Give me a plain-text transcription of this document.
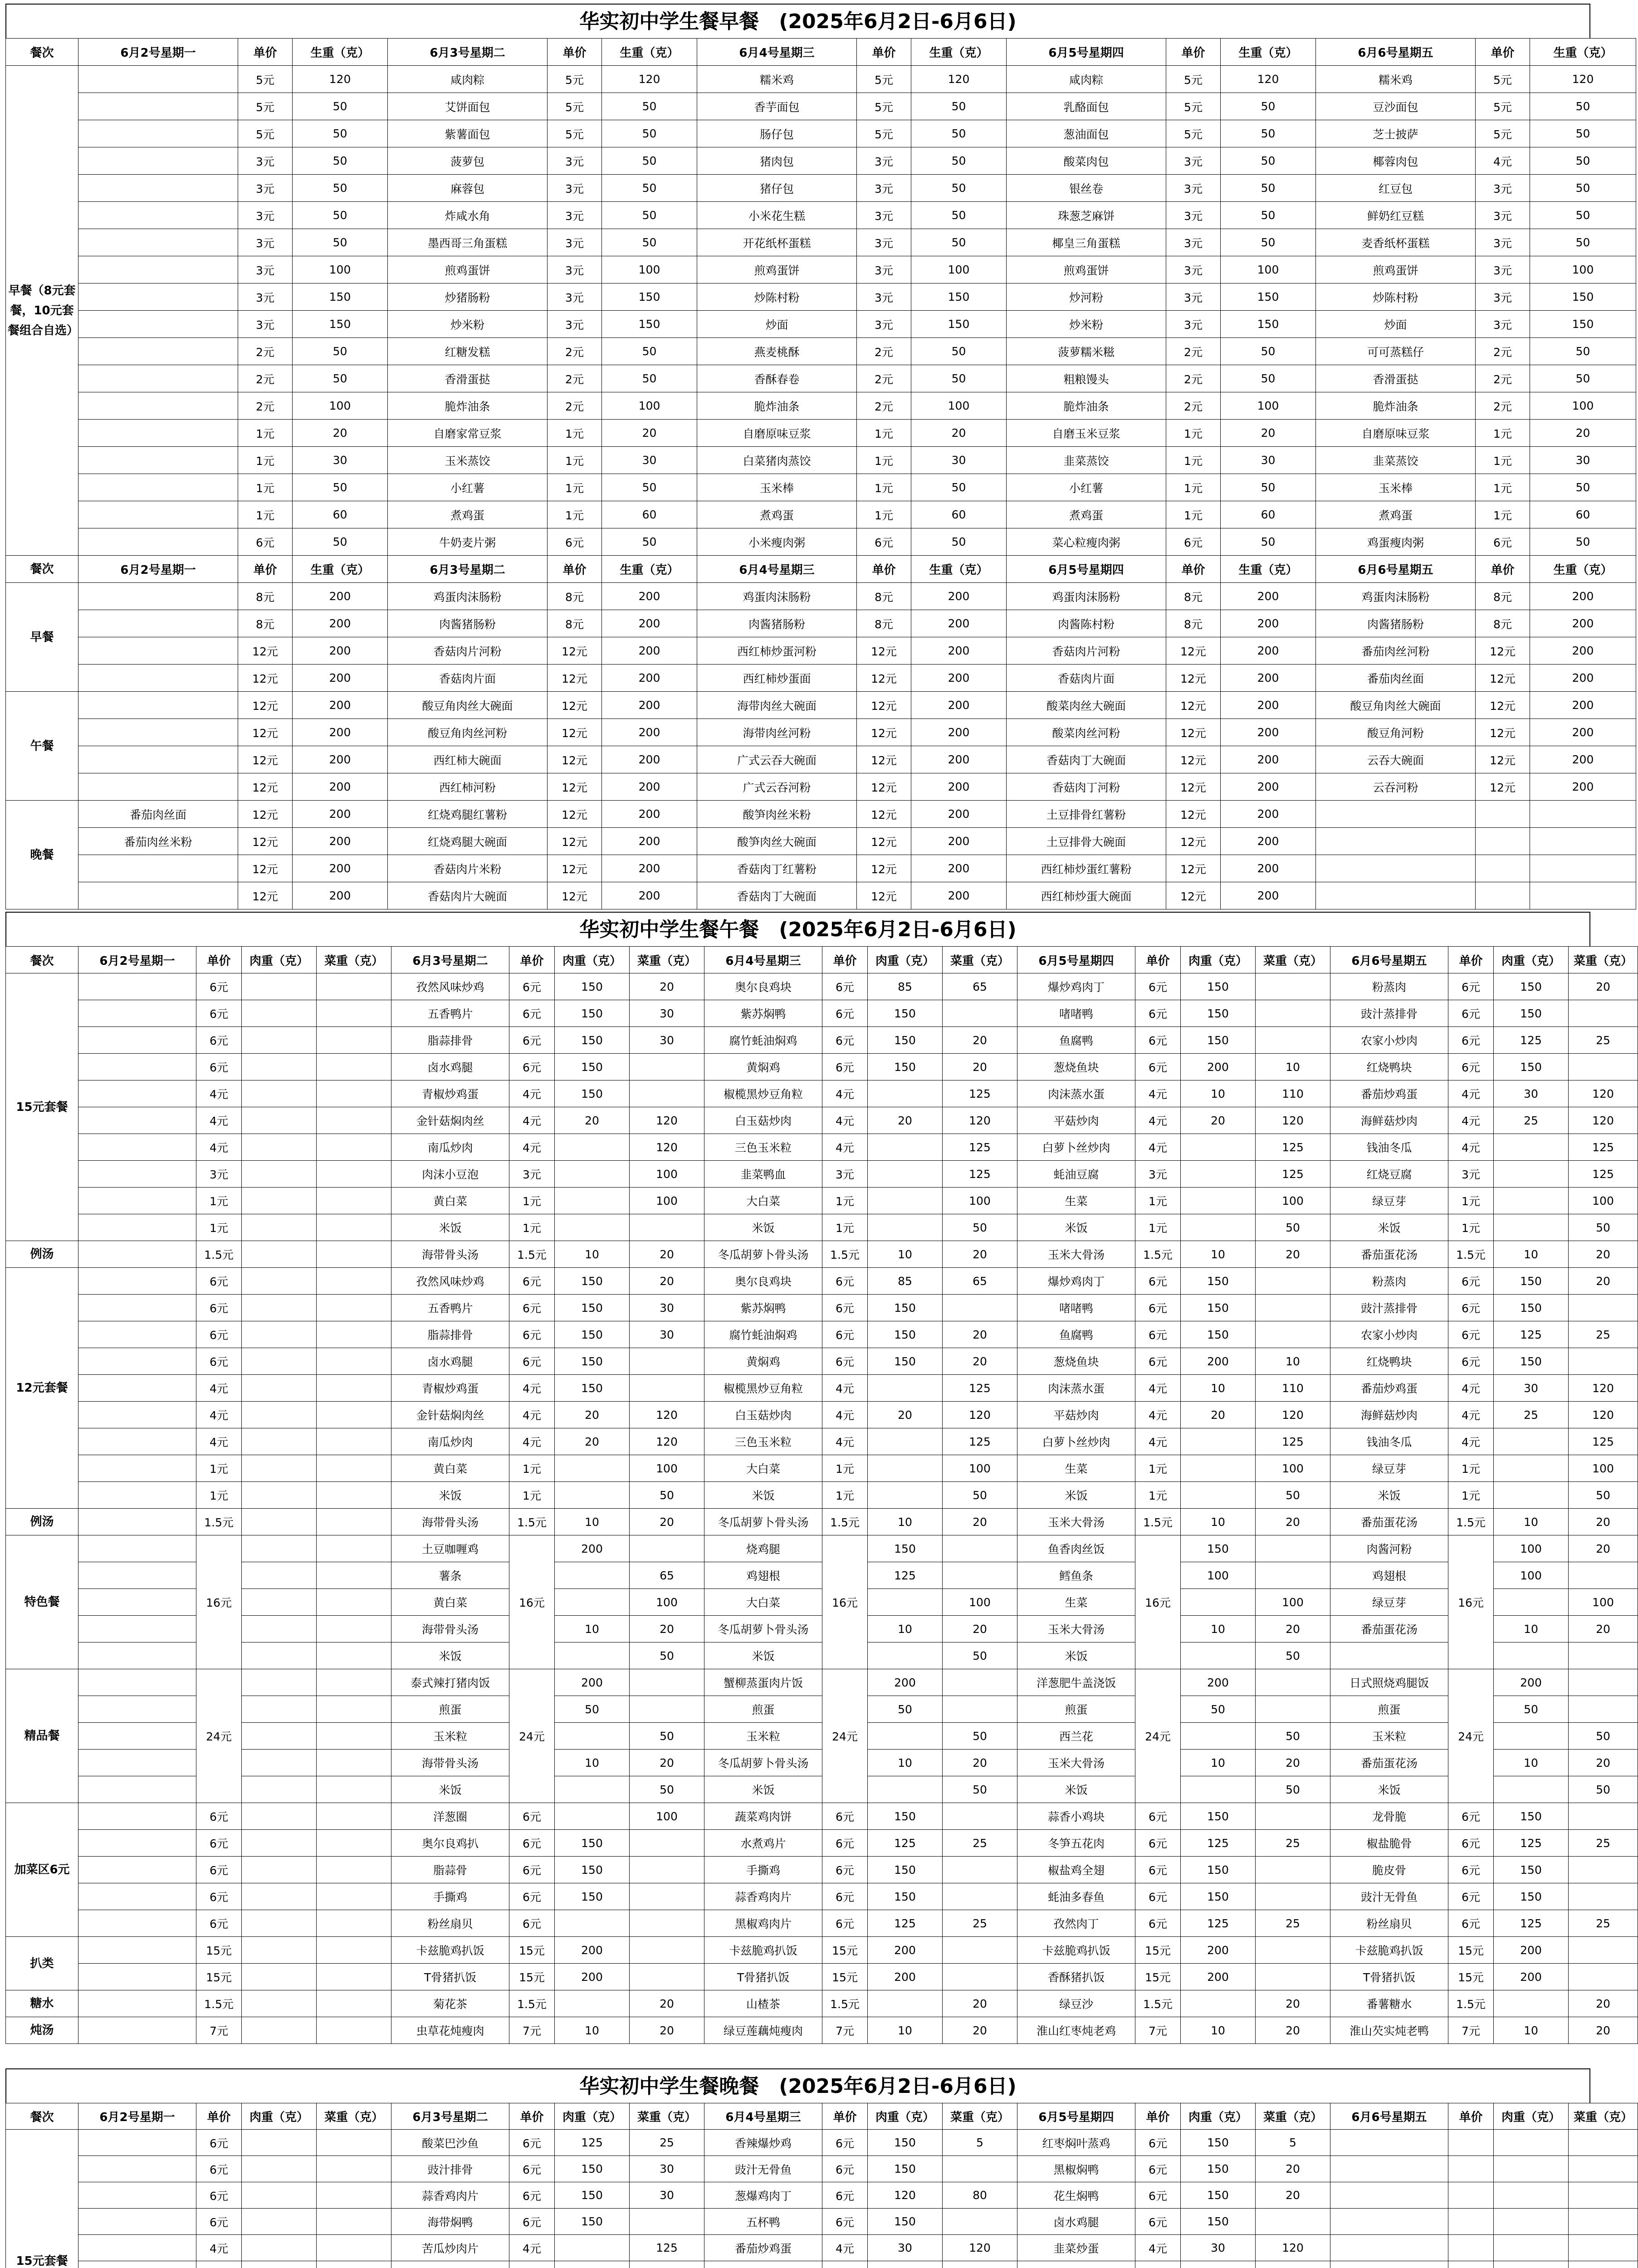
华实初中学生餐早餐　(2025年6月2日-6月6日)
餐次	6月2号星期一	单价	生重（克）	6月3号星期二	单价	生重（克）	6月4号星期三	单价	生重（克）	6月5号星期四	单价	生重（克）	6月6号星期五	单价	生重（克）
早餐（8元套餐，10元套餐组合自选）		5元	120	咸肉粽	5元	120	糯米鸡	5元	120	咸肉粽	5元	120	糯米鸡	5元	120
		5元	50	艾饼面包	5元	50	香芋面包	5元	50	乳酪面包	5元	50	豆沙面包	5元	50
		5元	50	紫薯面包	5元	50	肠仔包	5元	50	葱油面包	5元	50	芝士披萨	5元	50
		3元	50	菠萝包	3元	50	猪肉包	3元	50	酸菜肉包	3元	50	椰蓉肉包	4元	50
		3元	50	麻蓉包	3元	50	猪仔包	3元	50	银丝卷	3元	50	红豆包	3元	50
		3元	50	炸咸水角	3元	50	小米花生糕	3元	50	珠葱芝麻饼	3元	50	鲜奶红豆糕	3元	50
		3元	50	墨西哥三角蛋糕	3元	50	开花纸杯蛋糕	3元	50	椰皇三角蛋糕	3元	50	麦香纸杯蛋糕	3元	50
		3元	100	煎鸡蛋饼	3元	100	煎鸡蛋饼	3元	100	煎鸡蛋饼	3元	100	煎鸡蛋饼	3元	100
		3元	150	炒猪肠粉	3元	150	炒陈村粉	3元	150	炒河粉	3元	150	炒陈村粉	3元	150
		3元	150	炒米粉	3元	150	炒面	3元	150	炒米粉	3元	150	炒面	3元	150
		2元	50	红糖发糕	2元	50	燕麦桃酥	2元	50	菠萝糯米糍	2元	50	可可蒸糕仔	2元	50
		2元	50	香滑蛋挞	2元	50	香酥春卷	2元	50	粗粮馒头	2元	50	香滑蛋挞	2元	50
		2元	100	脆炸油条	2元	100	脆炸油条	2元	100	脆炸油条	2元	100	脆炸油条	2元	100
		1元	20	自磨家常豆浆	1元	20	自磨原味豆浆	1元	20	自磨玉米豆浆	1元	20	自磨原味豆浆	1元	20
		1元	30	玉米蒸饺	1元	30	白菜猪肉蒸饺	1元	30	韭菜蒸饺	1元	30	韭菜蒸饺	1元	30
		1元	50	小红薯	1元	50	玉米棒	1元	50	小红薯	1元	50	玉米棒	1元	50
		1元	60	煮鸡蛋	1元	60	煮鸡蛋	1元	60	煮鸡蛋	1元	60	煮鸡蛋	1元	60
		6元	50	牛奶麦片粥	6元	50	小米瘦肉粥	6元	50	菜心粒瘦肉粥	6元	50	鸡蛋瘦肉粥	6元	50
餐次	6月2号星期一	单价	生重（克）	6月3号星期二	单价	生重（克）	6月4号星期三	单价	生重（克）	6月5号星期四	单价	生重（克）	6月6号星期五	单价	生重（克）
早餐		8元	200	鸡蛋肉沫肠粉	8元	200	鸡蛋肉沫肠粉	8元	200	鸡蛋肉沫肠粉	8元	200	鸡蛋肉沫肠粉	8元	200
		8元	200	肉酱猪肠粉	8元	200	肉酱猪肠粉	8元	200	肉酱陈村粉	8元	200	肉酱猪肠粉	8元	200
		12元	200	香菇肉片河粉	12元	200	西红柿炒蛋河粉	12元	200	香菇肉片河粉	12元	200	番茄肉丝河粉	12元	200
		12元	200	香菇肉片面	12元	200	西红柿炒蛋面	12元	200	香菇肉片面	12元	200	番茄肉丝面	12元	200
午餐		12元	200	酸豆角肉丝大碗面	12元	200	海带肉丝大碗面	12元	200	酸菜肉丝大碗面	12元	200	酸豆角肉丝大碗面	12元	200
		12元	200	酸豆角肉丝河粉	12元	200	海带肉丝河粉	12元	200	酸菜肉丝河粉	12元	200	酸豆角河粉	12元	200
		12元	200	西红柿大碗面	12元	200	广式云吞大碗面	12元	200	香菇肉丁大碗面	12元	200	云吞大碗面	12元	200
		12元	200	西红柿河粉	12元	200	广式云吞河粉	12元	200	香菇肉丁河粉	12元	200	云吞河粉	12元	200
晚餐	番茄肉丝面	12元	200	红烧鸡腿红薯粉	12元	200	酸笋肉丝米粉	12元	200	土豆排骨红薯粉	12元	200			
	番茄肉丝米粉	12元	200	红烧鸡腿大碗面	12元	200	酸笋肉丝大碗面	12元	200	土豆排骨大碗面	12元	200			
		12元	200	香菇肉片米粉	12元	200	香菇肉丁红薯粉	12元	200	西红柿炒蛋红薯粉	12元	200			
		12元	200	香菇肉片大碗面	12元	200	香菇肉丁大碗面	12元	200	西红柿炒蛋大碗面	12元	200			
华实初中学生餐午餐　(2025年6月2日-6月6日)
餐次	6月2号星期一	单价	肉重（克）	菜重（克）	6月3号星期二	单价	肉重（克）	菜重（克）	6月4号星期三	单价	肉重（克）	菜重（克）	6月5号星期四	单价	肉重（克）	菜重（克）	6月6号星期五	单价	肉重（克）	菜重（克）
15元套餐		6元			孜然风味炒鸡	6元	150	20	奥尔良鸡块	6元	85	65	爆炒鸡肉丁	6元	150		粉蒸肉	6元	150	20
		6元			五香鸭片	6元	150	30	紫苏焖鸭	6元	150		啫啫鸭	6元	150		豉汁蒸排骨	6元	150	
		6元			脂蒜排骨	6元	150	30	腐竹蚝油焖鸡	6元	150	20	鱼腐鸭	6元	150		农家小炒肉	6元	125	25
		6元			卤水鸡腿	6元	150		黄焖鸡	6元	150	20	葱烧鱼块	6元	200	10	红烧鸭块	6元	150	
		4元			青椒炒鸡蛋	4元	150		椒榄黑炒豆角粒	4元		125	肉沫蒸水蛋	4元	10	110	番茄炒鸡蛋	4元	30	120
		4元			金针菇焖肉丝	4元	20	120	白玉菇炒肉	4元	20	120	平菇炒肉	4元	20	120	海鲜菇炒肉	4元	25	120
		4元			南瓜炒肉	4元		120	三色玉米粒	4元		125	白萝卜丝炒肉	4元		125	钱油冬瓜	4元		125
		3元			肉沫小豆泡	3元		100	韭菜鸭血	3元		125	蚝油豆腐	3元		125	红烧豆腐	3元		125
		1元			黄白菜	1元		100	大白菜	1元		100	生菜	1元		100	绿豆芽	1元		100
		1元			米饭	1元			米饭	1元		50	米饭	1元		50	米饭	1元		50
例汤		1.5元			海带骨头汤	1.5元	10	20	冬瓜胡萝卜骨头汤	1.5元	10	20	玉米大骨汤	1.5元	10	20	番茄蛋花汤	1.5元	10	20
12元套餐		6元			孜然风味炒鸡	6元	150	20	奥尔良鸡块	6元	85	65	爆炒鸡肉丁	6元	150		粉蒸肉	6元	150	20
		6元			五香鸭片	6元	150	30	紫苏焖鸭	6元	150		啫啫鸭	6元	150		豉汁蒸排骨	6元	150	
		6元			脂蒜排骨	6元	150	30	腐竹蚝油焖鸡	6元	150	20	鱼腐鸭	6元	150		农家小炒肉	6元	125	25
		6元			卤水鸡腿	6元	150		黄焖鸡	6元	150	20	葱烧鱼块	6元	200	10	红烧鸭块	6元	150	
		4元			青椒炒鸡蛋	4元	150		椒榄黑炒豆角粒	4元		125	肉沫蒸水蛋	4元	10	110	番茄炒鸡蛋	4元	30	120
		4元			金针菇焖肉丝	4元	20	120	白玉菇炒肉	4元	20	120	平菇炒肉	4元	20	120	海鲜菇炒肉	4元	25	120
		4元			南瓜炒肉	4元	20	120	三色玉米粒	4元		125	白萝卜丝炒肉	4元		125	钱油冬瓜	4元		125
		1元			黄白菜	1元		100	大白菜	1元		100	生菜	1元		100	绿豆芽	1元		100
		1元			米饭	1元		50	米饭	1元		50	米饭	1元		50	米饭	1元		50
例汤		1.5元			海带骨头汤	1.5元	10	20	冬瓜胡萝卜骨头汤	1.5元	10	20	玉米大骨汤	1.5元	10	20	番茄蛋花汤	1.5元	10	20
特色餐		16元			土豆咖喱鸡	16元	200		烧鸡腿	16元	150		鱼香肉丝饭	16元	150		肉酱河粉	16元	100	20
					薯条			65	鸡翅根		125		鳕鱼条		100		鸡翅根		100	
					黄白菜			100	大白菜			100	生菜			100	绿豆芽			100
					海带骨头汤		10	20	冬瓜胡萝卜骨头汤		10	20	玉米大骨汤		10	20	番茄蛋花汤		10	20
					米饭			50	米饭			50	米饭			50				
精品餐		24元			泰式辣打猪肉饭	24元	200		蟹柳蒸蛋肉片饭	24元	200		洋葱肥牛盖浇饭	24元	200		日式照烧鸡腿饭	24元	200	
					煎蛋		50		煎蛋		50		煎蛋		50		煎蛋		50	
					玉米粒			50	玉米粒			50	西兰花			50	玉米粒			50
					海带骨头汤		10	20	冬瓜胡萝卜骨头汤		10	20	玉米大骨汤		10	20	番茄蛋花汤		10	20
					米饭			50	米饭			50	米饭			50	米饭			50
加菜区6元		6元			洋葱圈	6元		100	蔬菜鸡肉饼	6元	150		蒜香小鸡块	6元	150		龙骨脆	6元	150	
		6元			奥尔良鸡扒	6元	150		水煮鸡片	6元	125	25	冬笋五花肉	6元	125	25	椒盐脆骨	6元	125	25
		6元			脂蒜骨	6元	150		手撕鸡	6元	150		椒盐鸡全翅	6元	150		脆皮骨	6元	150	
		6元			手撕鸡	6元	150		蒜香鸡肉片	6元	150		蚝油多春鱼	6元	150		豉汁无骨鱼	6元	150	
		6元			粉丝扇贝	6元			黑椒鸡肉片	6元	125	25	孜然肉丁	6元	125	25	粉丝扇贝	6元	125	25
扒类		15元			卡兹脆鸡扒饭	15元	200		卡兹脆鸡扒饭	15元	200		卡兹脆鸡扒饭	15元	200		卡兹脆鸡扒饭	15元	200	
		15元			T骨猪扒饭	15元	200		T骨猪扒饭	15元	200		香酥猪扒饭	15元	200		T骨猪扒饭	15元	200	
糖水		1.5元			菊花茶	1.5元		20	山楂茶	1.5元		20	绿豆沙	1.5元		20	番薯糖水	1.5元		20
炖汤		7元			虫草花炖瘦肉	7元	10	20	绿豆莲藕炖瘦肉	7元	10	20	淮山红枣炖老鸡	7元	10	20	淮山芡实炖老鸭	7元	10	20
华实初中学生餐晚餐　(2025年6月2日-6月6日)
餐次	6月2号星期一	单价	肉重（克）	菜重（克）	6月3号星期二	单价	肉重（克）	菜重（克）	6月4号星期三	单价	肉重（克）	菜重（克）	6月5号星期四	单价	肉重（克）	菜重（克）	6月6号星期五	单价	肉重（克）	菜重（克）
15元套餐		6元			酸菜巴沙鱼	6元	125	25	香辣爆炒鸡	6元	150	5	红枣焖叶蒸鸡	6元	150	5				
		6元			豉汁排骨	6元	150	30	豉汁无骨鱼	6元	150		黑椒焖鸭	6元	150	20				
		6元			蒜香鸡肉片	6元	150	30	葱爆鸡肉丁	6元	120	80	花生焖鸭	6元	150	20				
		6元			海带焖鸭	6元	150		五杯鸭	6元	150		卤水鸡腿	6元	150					
		4元			苦瓜炒肉片	4元		125	番茄炒鸡蛋	4元	30	120	韭菜炒蛋	4元	30	120				
